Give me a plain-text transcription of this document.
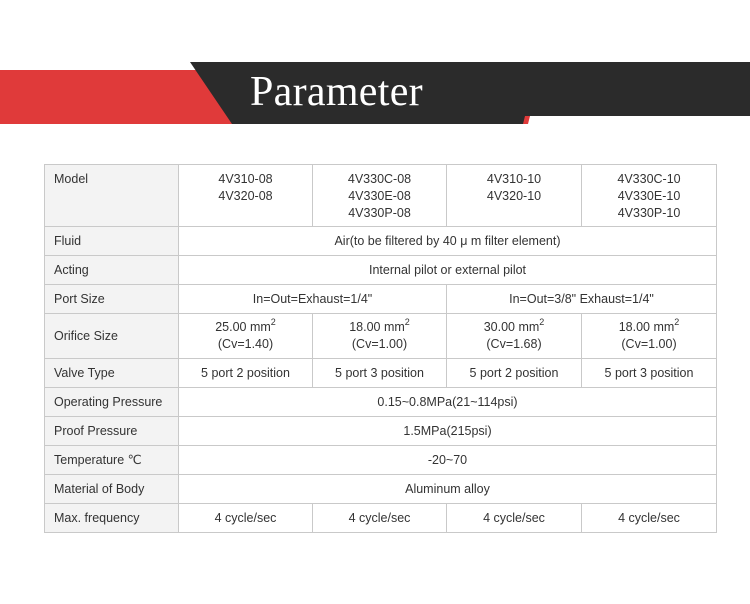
Parameter
Model	4V310-08
4V320-08	4V330C-08
4V330E-08
4V330P-08	4V310-10
4V320-10	4V330C-10
4V330E-10
4V330P-10

Fluid	Air(to be filtered by 40 μ m filter element)			
Acting	Internal pilot or external pilot			
Port Size	In=Out=Exhaust=1/4"		In=Out=3/8" Exhaust=1/4"	
Orifice Size	25.00 $mm^2$
(Cv=1.40)	18.00 $mm^2$
(Cv=1.00)	30.00 $mm^2$
(Cv=1.68)	18.00 $mm^2$
(Cv=1.00)

Valve Type	5 port 2 position	5 port 3 position	5 port 2 position	5 port 3 position
Operating Pressure	0.15~0.8MPa(21~114psi)			
Proof Pressure	1.5MPa(215psi)			
Temperature ℃	-20~70			
Material of Body	Aluminum alloy			
Max. frequency	4 cycle/sec	4 cycle/sec	4 cycle/sec	4 cycle/sec
